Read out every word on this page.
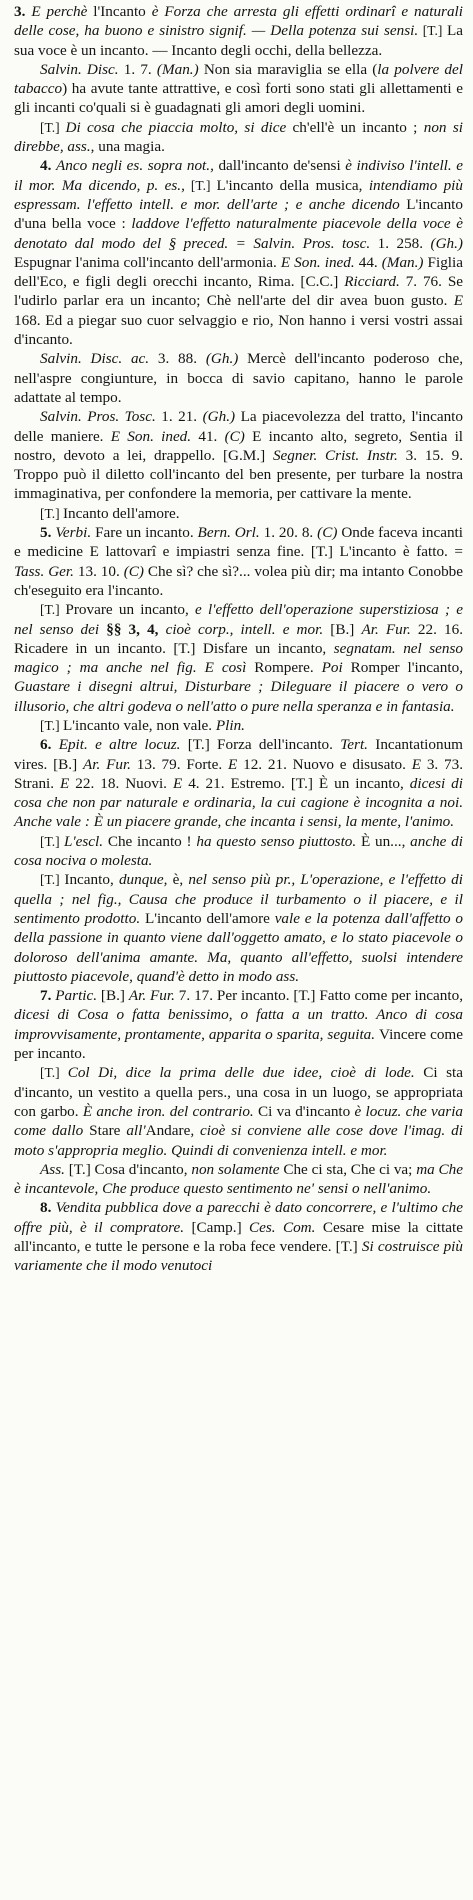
3. E perchè l'Incanto è Forza che arresta gli effetti ordinarî e naturali delle cose, ha buono e sinistro signif. — Della potenza sui sensi. [T.] La sua voce è un incanto. — Incanto degli occhi, della bellezza.

Salvin. Disc. 1. 7. (Man.) Non sia maraviglia se ella (la polvere del tabacco) ha avute tante attrattive, e così forti sono stati gli allettamenti e gli incanti co'quali si è guadagnati gli amori degli uomini.

[T.] Di cosa che piaccia molto, si dice ch'ell'è un incanto ; non si direbbe, ass., una magia.

4. Anco negli es. sopra not., dall'incanto de'sensi è indiviso l'intell. e il mor. Ma dicendo, p. es., [T.] L'incanto della musica, intendiamo più espressam. l'effetto intell. e mor. dell'arte ; e anche dicendo L'incanto d'una bella voce : laddove l'effetto naturalmente piacevole della voce è denotato dal modo del § preced. = Salvin. Pros. tosc. 1. 258. (Gh.) Espugnar l'anima coll'incanto dell'armonia. E Son. ined. 44. (Man.) Figlia dell'Eco, e figli degli orecchi incanto, Rima. [C.C.] Ricciard. 7. 76. Se l'udirlo parlar era un incanto; Chè nell'arte del dir avea buon gusto. E 168. Ed a piegar suo cuor selvaggio e rio, Non hanno i versi vostri assai d'incanto.

Salvin. Disc. ac. 3. 88. (Gh.) Mercè dell'incanto poderoso che, nell'aspre congiunture, in bocca di savio capitano, hanno le parole adattate al tempo.

Salvin. Pros. Tosc. 1. 21. (Gh.) La piacevolezza del tratto, l'incanto delle maniere. E Son. ined. 41. (C) E incanto alto, segreto, Sentia il nostro, devoto a lei, drappello. [G.M.] Segner. Crist. Instr. 3. 15. 9. Troppo può il diletto coll'incanto del ben presente, per turbare la nostra immaginativa, per confondere la memoria, per cattivare la mente.

[T.] Incanto dell'amore.

5. Verbi. Fare un incanto. Bern. Orl. 1. 20. 8. (C) Onde faceva incanti e medicine E lattovarî e impiastri senza fine. [T.] L'incanto è fatto. = Tass. Ger. 13. 10. (C) Che sì? che sì?... volea più dir; ma intanto Conobbe ch'eseguito era l'incanto.

[T.] Provare un incanto, e l'effetto dell'operazione superstiziosa ; e nel senso dei §§ 3, 4, cioè corp., intell. e mor. [B.] Ar. Fur. 22. 16. Ricadere in un incanto. [T.] Disfare un incanto, segnatam. nel senso magico ; ma anche nel fig. E così Rompere. Poi Romper l'incanto, Guastare i disegni altrui, Disturbare ; Dileguare il piacere o vero o illusorio, che altri godeva o nell'atto o pure nella speranza e in fantasia.

[T.] L'incanto vale, non vale. Plin.

6. Epit. e altre locuz. [T.] Forza dell'incanto. Tert. Incantationum vires. [B.] Ar. Fur. 13. 79. Forte. E 12. 21. Nuovo e disusato. E 3. 73. Strani. E 22. 18. Nuovi. E 4. 21. Estremo. [T.] È un incanto, dicesi di cosa che non par naturale e ordinaria, la cui cagione è incognita a noi. Anche vale : È un piacere grande, che incanta i sensi, la mente, l'animo.

[T.] L'escl. Che incanto ! ha questo senso piuttosto. È un..., anche di cosa nociva o molesta.

[T.] Incanto, dunque, è, nel senso più pr., L'operazione, e l'effetto di quella ; nel fig., Causa che produce il turbamento o il piacere, e il sentimento prodotto. L'incanto dell'amore vale e la potenza dall'affetto o della passione in quanto viene dall'oggetto amato, e lo stato piacevole o doloroso dell'anima amante. Ma, quanto all'effetto, suolsi intendere piuttosto piacevole, quand'è detto in modo ass.

7. Partic. [B.] Ar. Fur. 7. 17. Per incanto. [T.] Fatto come per incanto, dicesi di Cosa o fatta benissimo, o fatta a un tratto. Anco di cosa improvvisamente, prontamente, apparita o sparita, seguita. Vincere come per incanto.

[T.] Col Di, dice la prima delle due idee, cioè di lode. Ci sta d'incanto, un vestito a quella pers., una cosa in un luogo, se appropriata con garbo. È anche iron. del contrario. Ci va d'incanto è locuz. che varia come dallo Stare all'Andare, cioè si conviene alle cose dove l'imag. di moto s'appropria meglio. Quindi di convenienza intell. e mor.

Ass. [T.] Cosa d'incanto, non solamente Che ci sta, Che ci va; ma Che è incantevole, Che produce questo sentimento ne' sensi o nell'animo.

8. Vendita pubblica dove a parecchi è dato concorrere, e l'ultimo che offre più, è il compratore. [Camp.] Ces. Com. Cesare mise la cittate all'incanto, e tutte le persone e la roba fece vendere. [T.] Si costruisce più variamente che il modo venutoci
